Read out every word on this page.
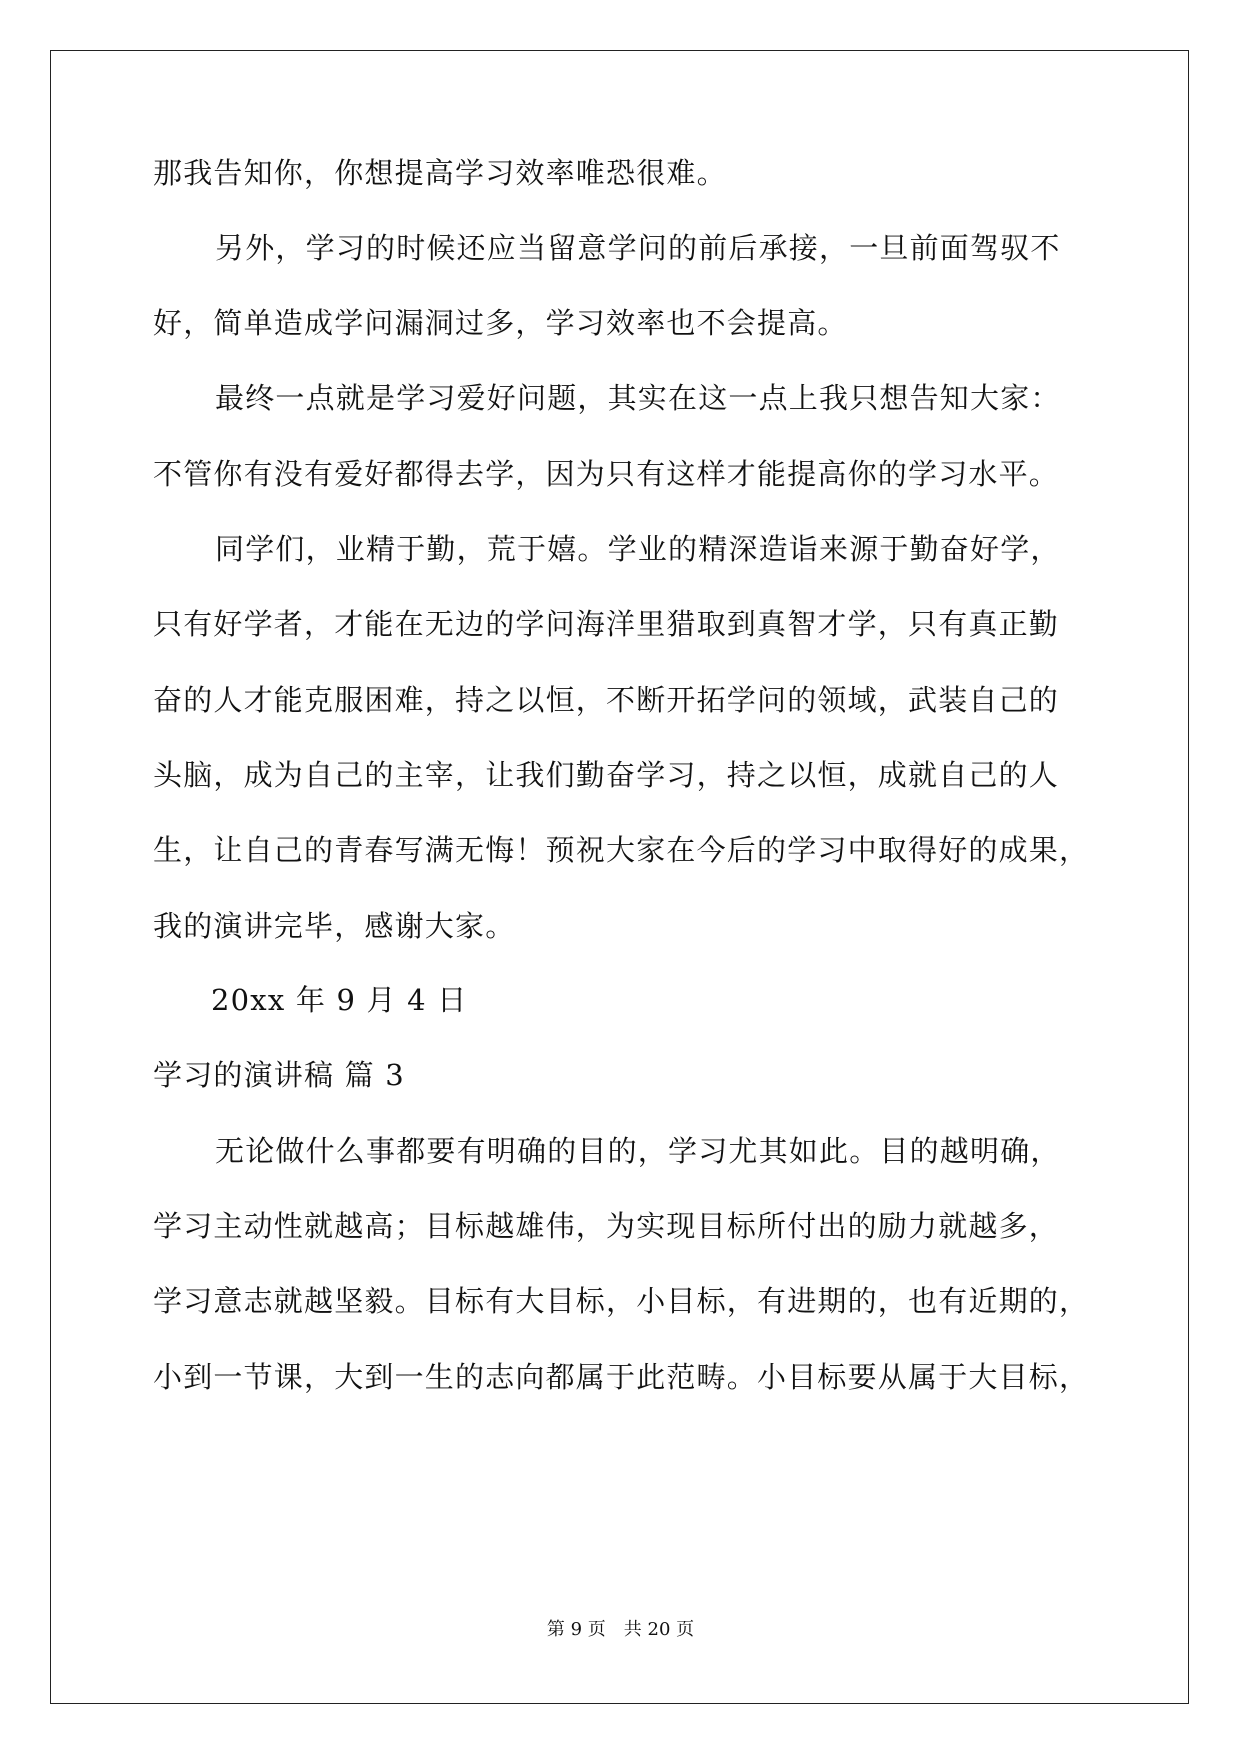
那我告知你，你想提高学习效率唯恐很难。
另外，学习的时候还应当留意学问的前后承接，一旦前面驾驭不
好，简单造成学问漏洞过多，学习效率也不会提高。
最终一点就是学习爱好问题，其实在这一点上我只想告知大家：
不管你有没有爱好都得去学，因为只有这样才能提高你的学习水平。
同学们，业精于勤，荒于嬉。学业的精深造诣来源于勤奋好学，
只有好学者，才能在无边的学问海洋里猎取到真智才学，只有真正勤
奋的人才能克服困难，持之以恒，不断开拓学问的领域，武装自己的
头脑，成为自己的主宰，让我们勤奋学习，持之以恒，成就自己的人
生，让自己的青春写满无悔！预祝大家在今后的学习中取得好的成果，
我的演讲完毕，感谢大家。
20xx 年 9 月 4 日
学习的演讲稿 篇 3
无论做什么事都要有明确的目的，学习尤其如此。目的越明确，
学习主动性就越高；目标越雄伟，为实现目标所付出的励力就越多，
学习意志就越坚毅。目标有大目标，小目标，有进期的，也有近期的，
小到一节课，大到一生的志向都属于此范畴。小目标要从属于大目标，
第 9 页 共 20 页
